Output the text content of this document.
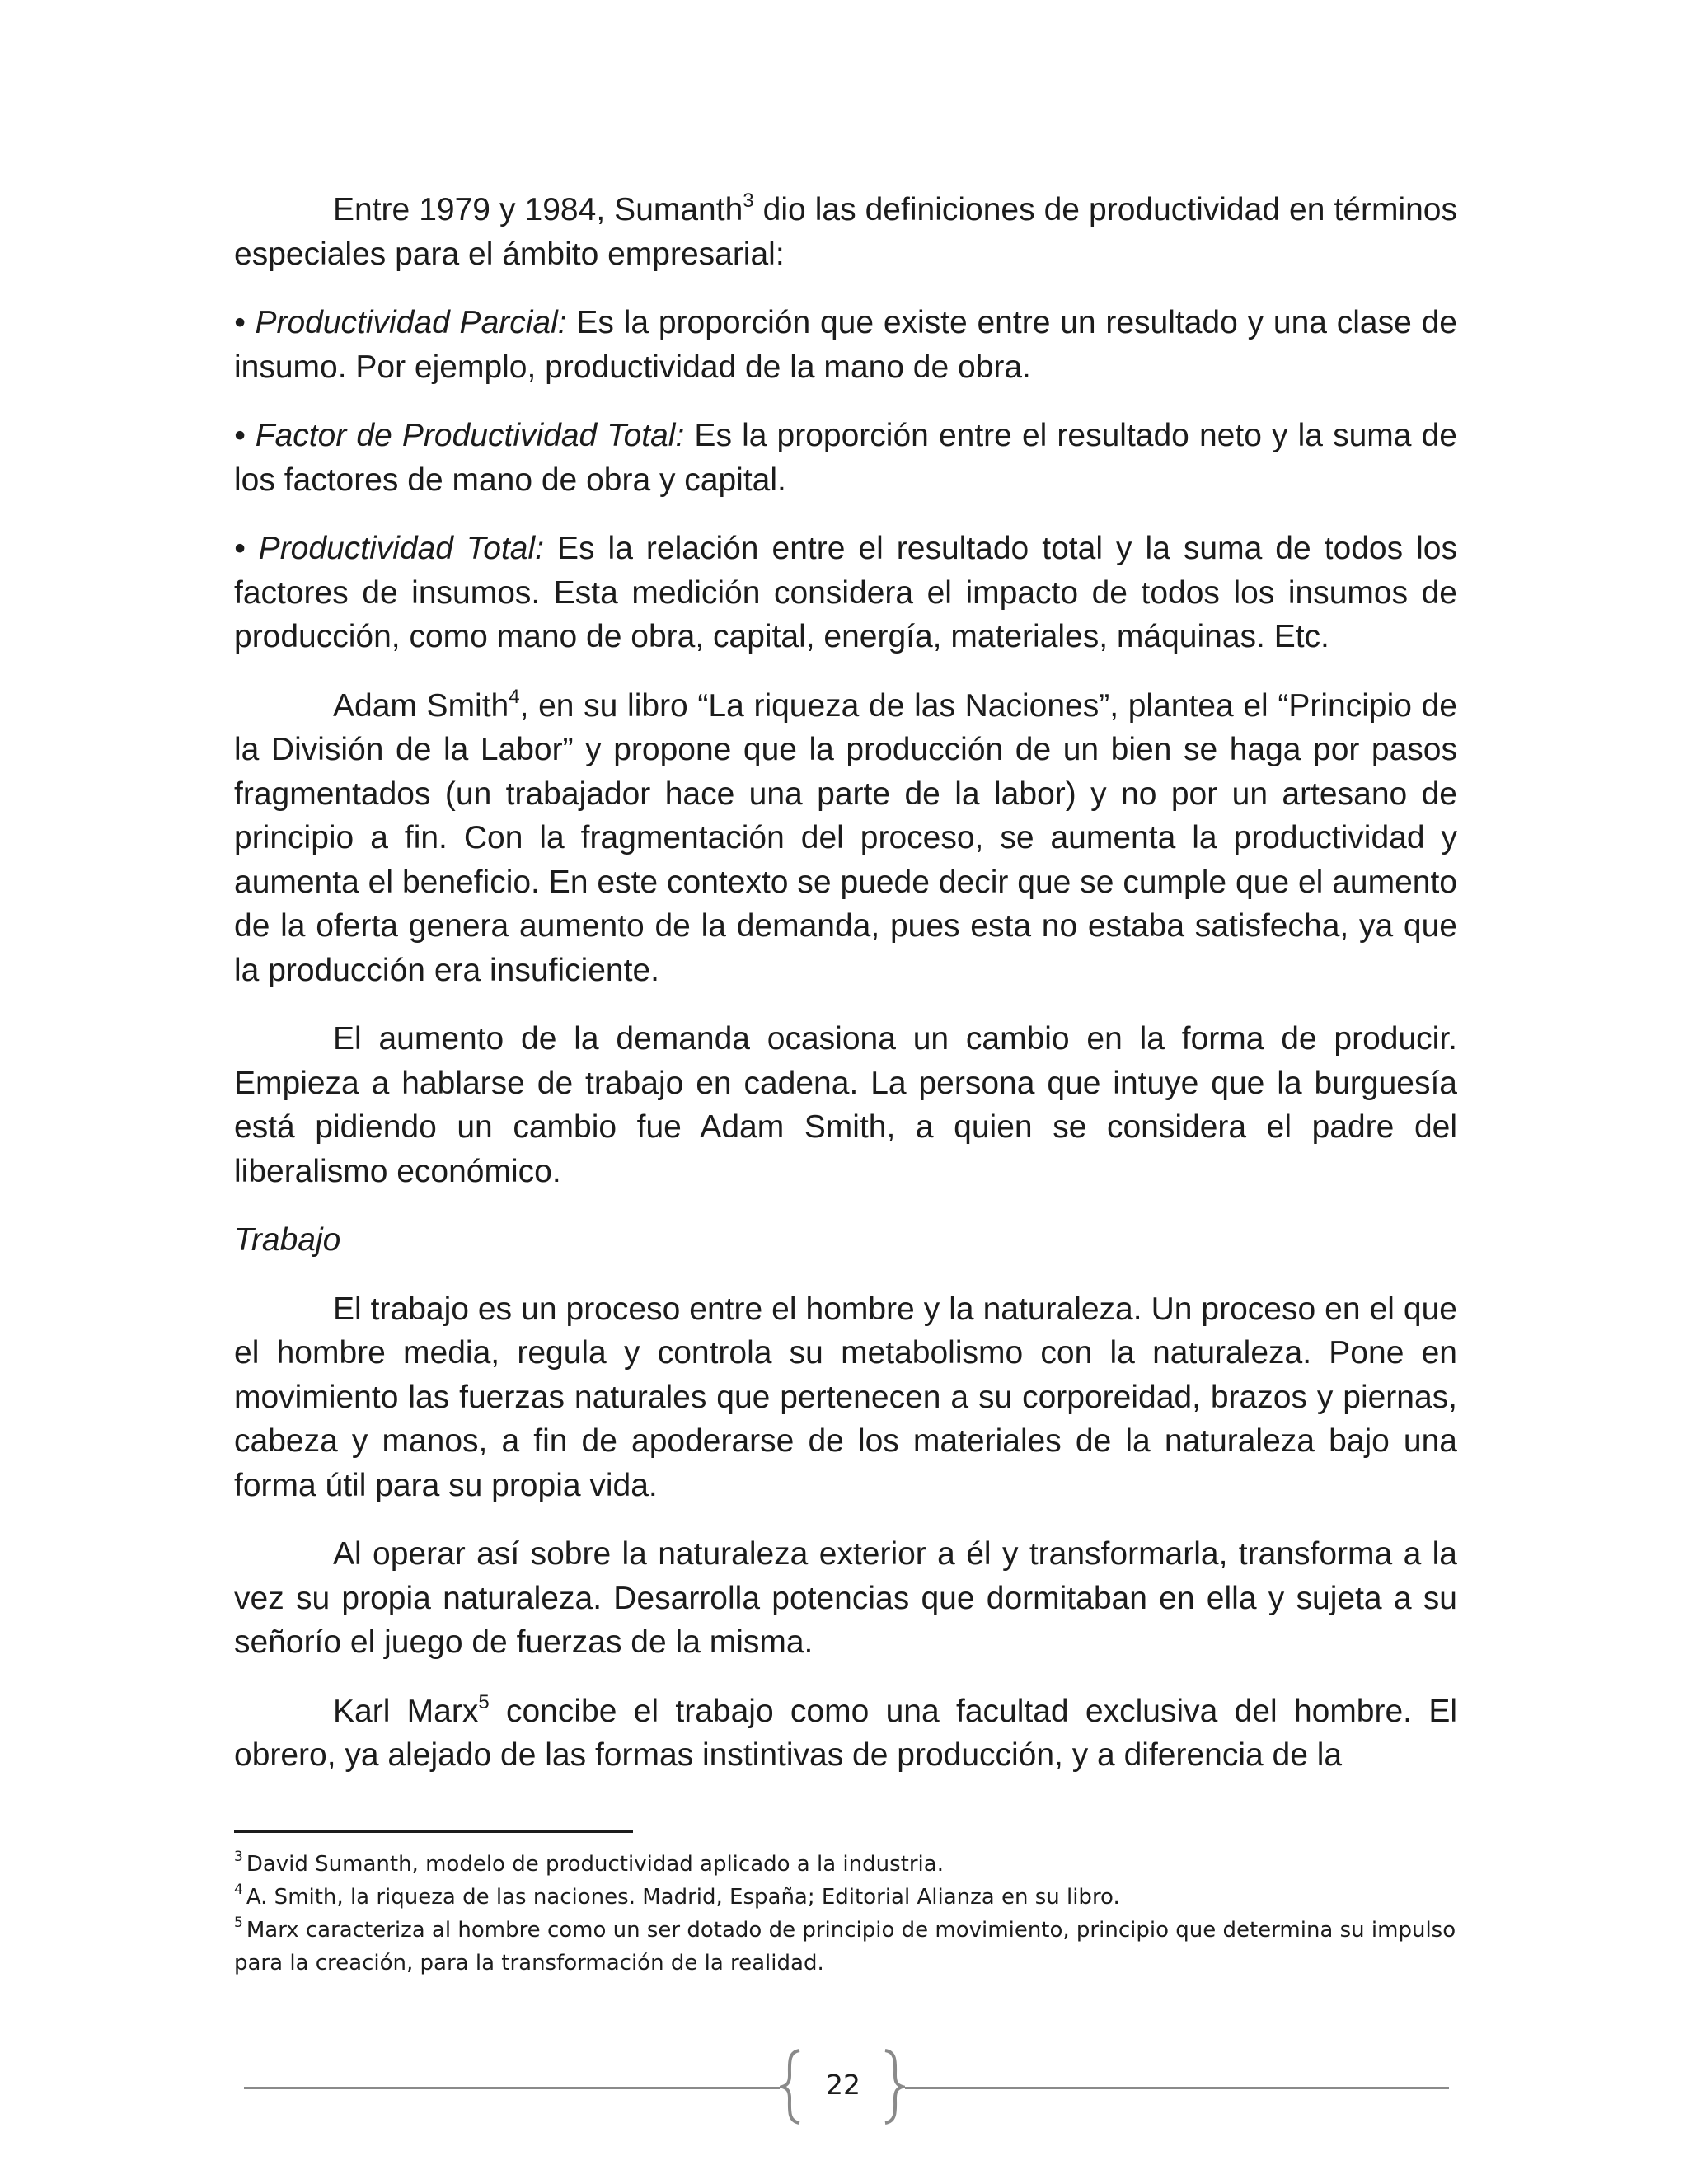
Entre 1979 y 1984, Sumanth$^3$ dio las definiciones de productividad en términos especiales para el ámbito empresarial:

• Productividad Parcial: Es la proporción que existe entre un resultado y una clase de insumo. Por ejemplo, productividad de la mano de obra.

• Factor de Productividad Total: Es la proporción entre el resultado neto y la suma de los factores de mano de obra y capital.

• Productividad Total: Es la relación entre el resultado total y la suma de todos los factores de insumos. Esta medición considera el impacto de todos los insumos de producción, como mano de obra, capital, energía, materiales, máquinas. Etc.

Adam Smith$^4$, en su libro “La riqueza de las Naciones”, plantea el “Principio de la División de la Labor” y propone que la producción de un bien se haga por pasos fragmentados (un trabajador hace una parte de la labor) y no por un artesano de principio a fin. Con la fragmentación del proceso, se aumenta la productividad y aumenta el beneficio. En este contexto se puede decir que se cumple que el aumento de la oferta genera aumento de la demanda, pues esta no estaba satisfecha, ya que la producción era insuficiente.

El aumento de la demanda ocasiona un cambio en la forma de producir. Empieza a hablarse de trabajo en cadena. La persona que intuye que la burguesía está pidiendo un cambio fue Adam Smith, a quien se considera el padre del liberalismo económico.

Trabajo

El trabajo es un proceso entre el hombre y la naturaleza. Un proceso en el que el hombre media, regula y controla su metabolismo con la naturaleza. Pone en movimiento las fuerzas naturales que pertenecen a su corporeidad, brazos y piernas, cabeza y manos, a fin de apoderarse de los materiales de la naturaleza bajo una forma útil para su propia vida.

Al operar así sobre la naturaleza exterior a él y transformarla, transforma a la vez su propia naturaleza. Desarrolla potencias que dormitaban en ella y sujeta a su señorío el juego de fuerzas de la misma.

Karl Marx$^5$ concibe el trabajo como una facultad exclusiva del hombre. El obrero, ya alejado de las formas instintivas de producción, y a diferencia de la

$^3$ David Sumanth, modelo de productividad aplicado a la industria.

$^4$ A. Smith, la riqueza de las naciones. Madrid, España; Editorial Alianza en su libro.

$^5$ Marx caracteriza al hombre como un ser dotado de principio de movimiento, principio que determina su impulso para la creación, para la transformación de la realidad.

22
